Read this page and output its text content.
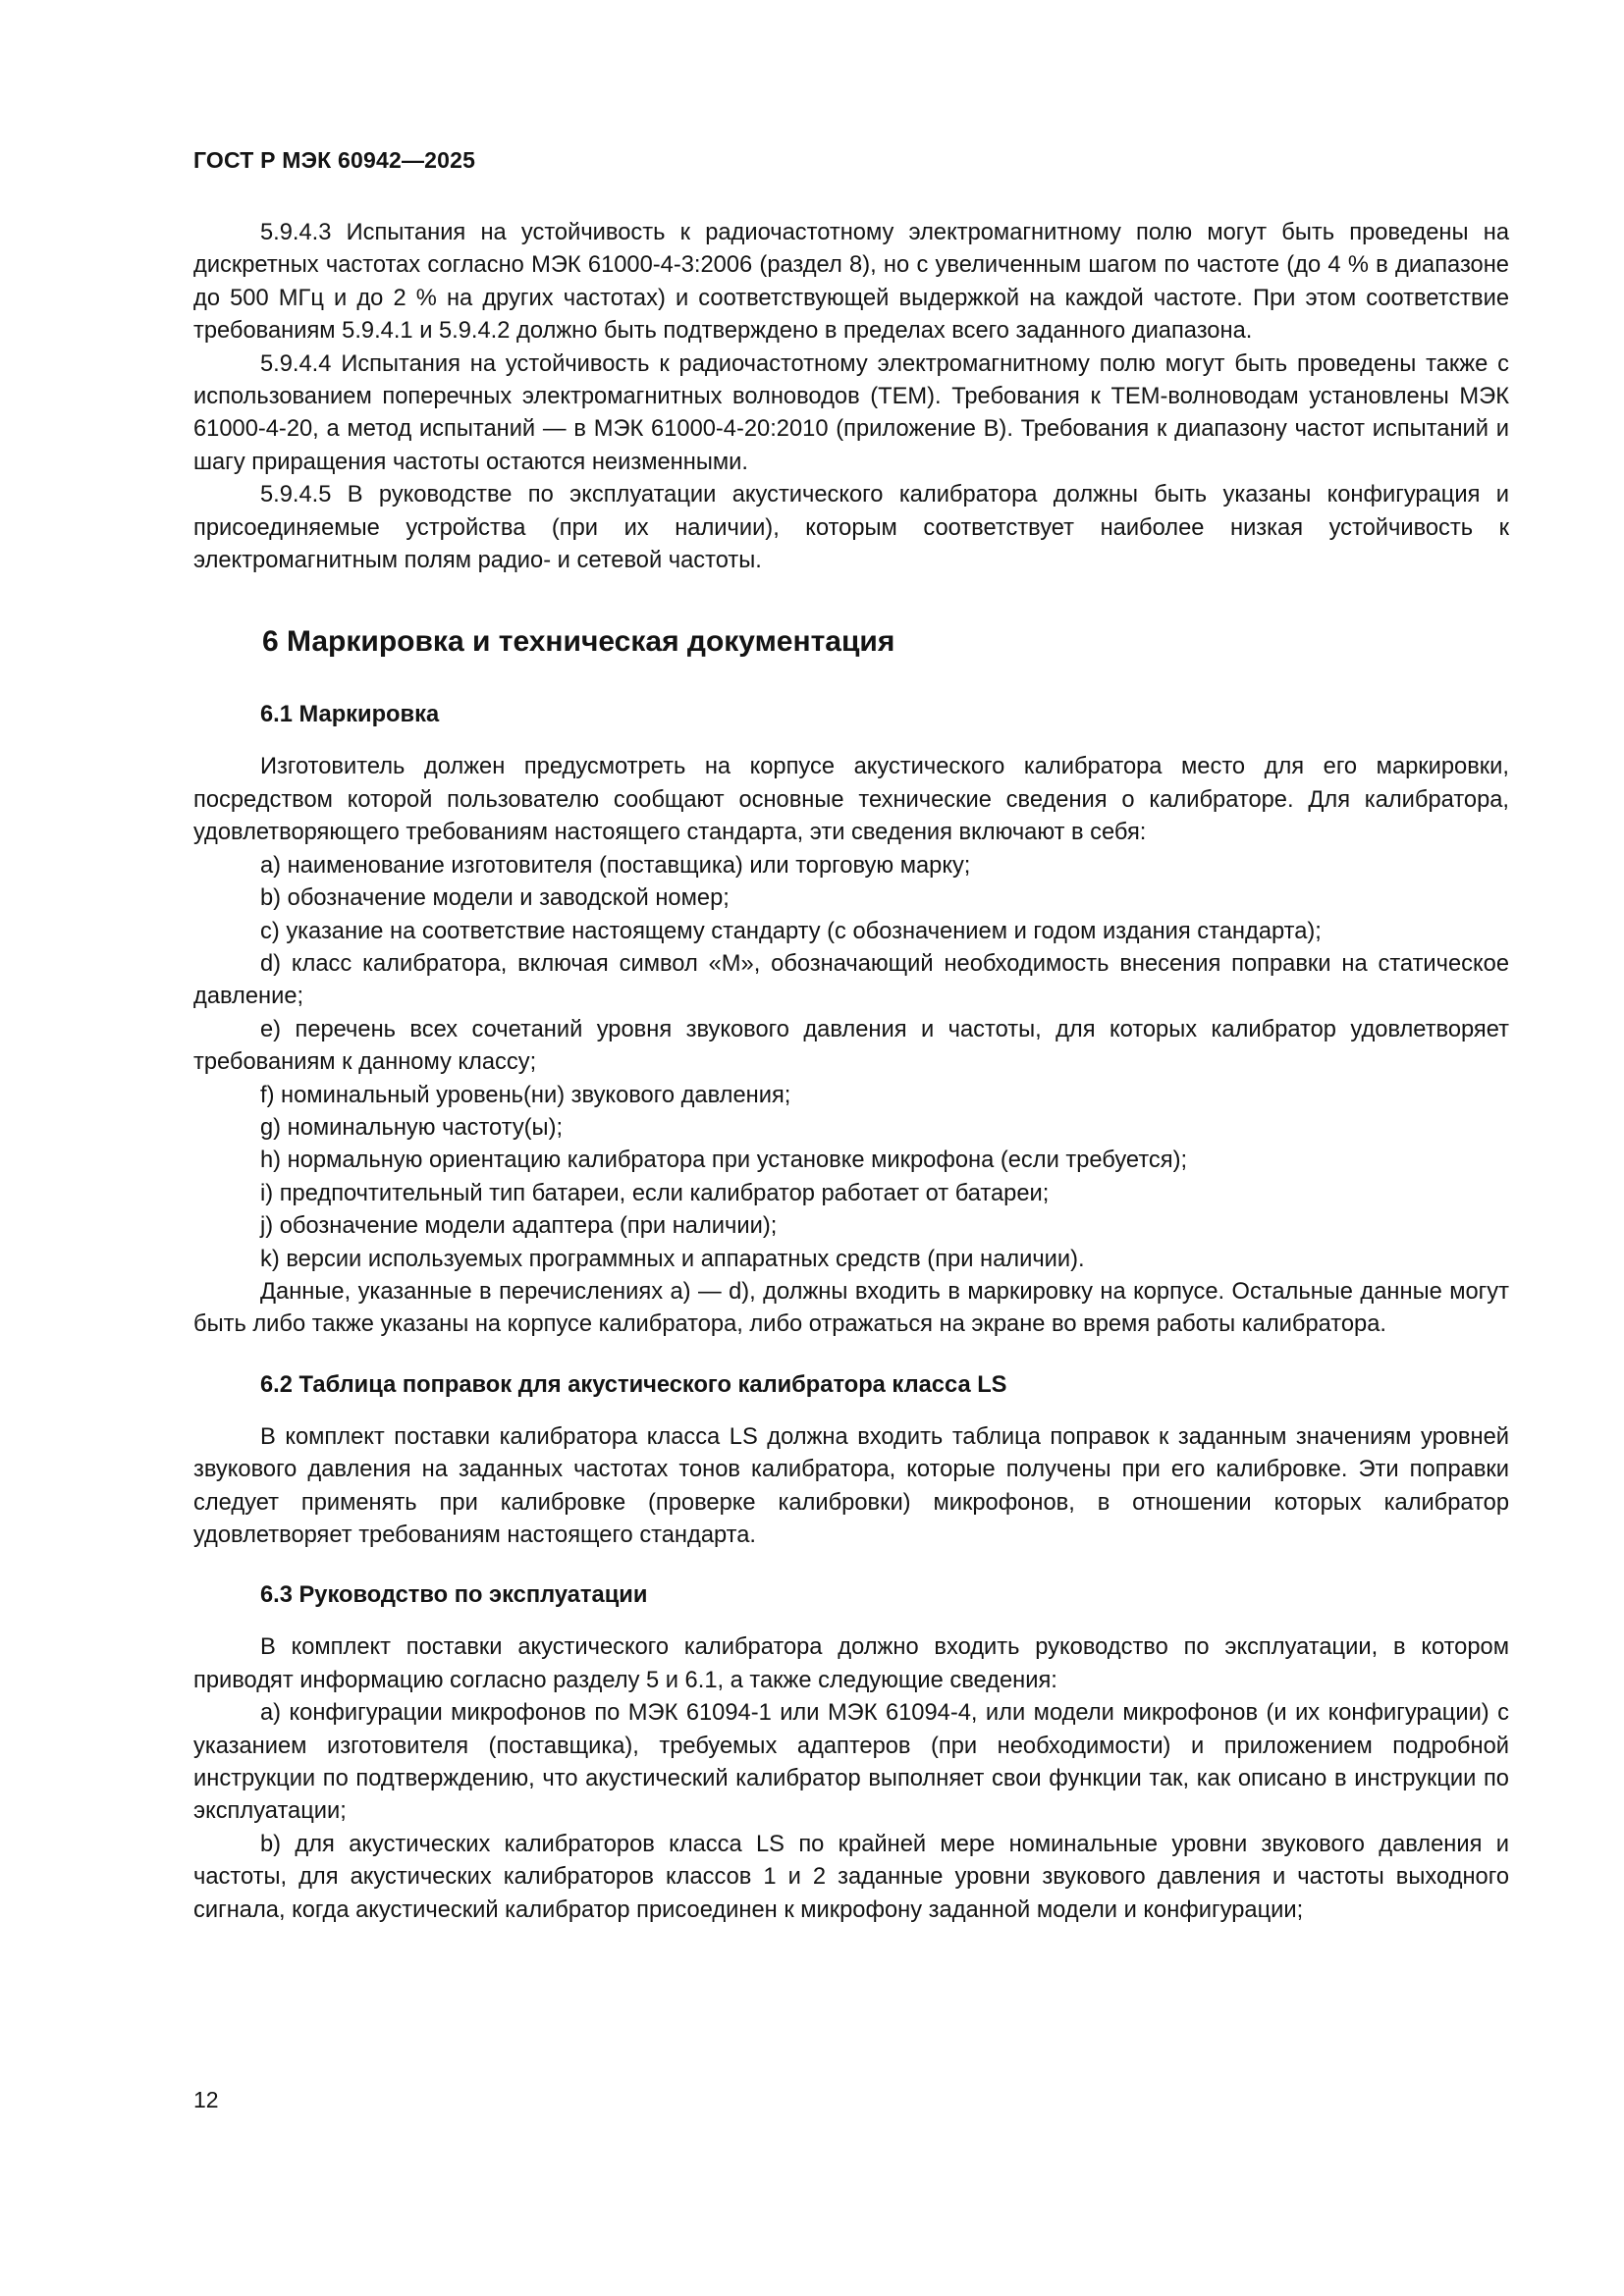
ГОСТ Р МЭК 60942—2025

5.9.4.3 Испытания на устойчивость к радиочастотному электромагнитному полю могут быть проведены на дискретных частотах согласно МЭК 61000-4-3:2006 (раздел 8), но с увеличенным шагом по частоте (до 4 % в диапазоне до 500 МГц и до 2 % на других частотах) и соответствующей выдержкой на каждой частоте. При этом соответствие требованиям 5.9.4.1 и 5.9.4.2 должно быть подтверждено в пределах всего заданного диапазона.

5.9.4.4 Испытания на устойчивость к радиочастотному электромагнитному полю могут быть проведены также с использованием поперечных электромагнитных волноводов (ТЕМ). Требования к ТЕМ-волноводам установлены МЭК 61000-4-20, а метод испытаний — в МЭК 61000-4-20:2010 (приложение В). Требования к диапазону частот испытаний и шагу приращения частоты остаются неизменными.

5.9.4.5 В руководстве по эксплуатации акустического калибратора должны быть указаны конфигурация и присоединяемые устройства (при их наличии), которым соответствует наиболее низкая устойчивость к электромагнитным полям радио- и сетевой частоты.

6 Маркировка и техническая документация
6.1 Маркировка

Изготовитель должен предусмотреть на корпусе акустического калибратора место для его маркировки, посредством которой пользователю сообщают основные технические сведения о калибраторе. Для калибратора, удовлетворяющего требованиям настоящего стандарта, эти сведения включают в себя:

a) наименование изготовителя (поставщика) или торговую марку;

b) обозначение модели и заводской номер;

c) указание на соответствие настоящему стандарту (с обозначением и годом издания стандарта);

d) класс калибратора, включая символ «М», обозначающий необходимость внесения поправки на статическое давление;

e) перечень всех сочетаний уровня звукового давления и частоты, для которых калибратор удовлетворяет требованиям к данному классу;

f) номинальный уровень(ни) звукового давления;

g) номинальную частоту(ы);

h) нормальную ориентацию калибратора при установке микрофона (если требуется);

i) предпочтительный тип батареи, если калибратор работает от батареи;

j) обозначение модели адаптера (при наличии);

k) версии используемых программных и аппаратных средств (при наличии).

Данные, указанные в перечислениях a) — d), должны входить в маркировку на корпусе. Остальные данные могут быть либо также указаны на корпусе калибратора, либо отражаться на экране во время работы калибратора.

6.2 Таблица поправок для акустического калибратора класса LS

В комплект поставки калибратора класса LS должна входить таблица поправок к заданным значениям уровней звукового давления на заданных частотах тонов калибратора, которые получены при его калибровке. Эти поправки следует применять при калибровке (проверке калибровки) микрофонов, в отношении которых калибратор удовлетворяет требованиям настоящего стандарта.

6.3 Руководство по эксплуатации

В комплект поставки акустического калибратора должно входить руководство по эксплуатации, в котором приводят информацию согласно разделу 5 и 6.1, а также следующие сведения:

a) конфигурации микрофонов по МЭК 61094-1 или МЭК 61094-4, или модели микрофонов (и их конфигурации) с указанием изготовителя (поставщика), требуемых адаптеров (при необходимости) и приложением подробной инструкции по подтверждению, что акустический калибратор выполняет свои функции так, как описано в инструкции по эксплуатации;

b) для акустических калибраторов класса LS по крайней мере номинальные уровни звукового давления и частоты, для акустических калибраторов классов 1 и 2 заданные уровни звукового давления и частоты выходного сигнала, когда акустический калибратор присоединен к микрофону заданной модели и конфигурации;

12
